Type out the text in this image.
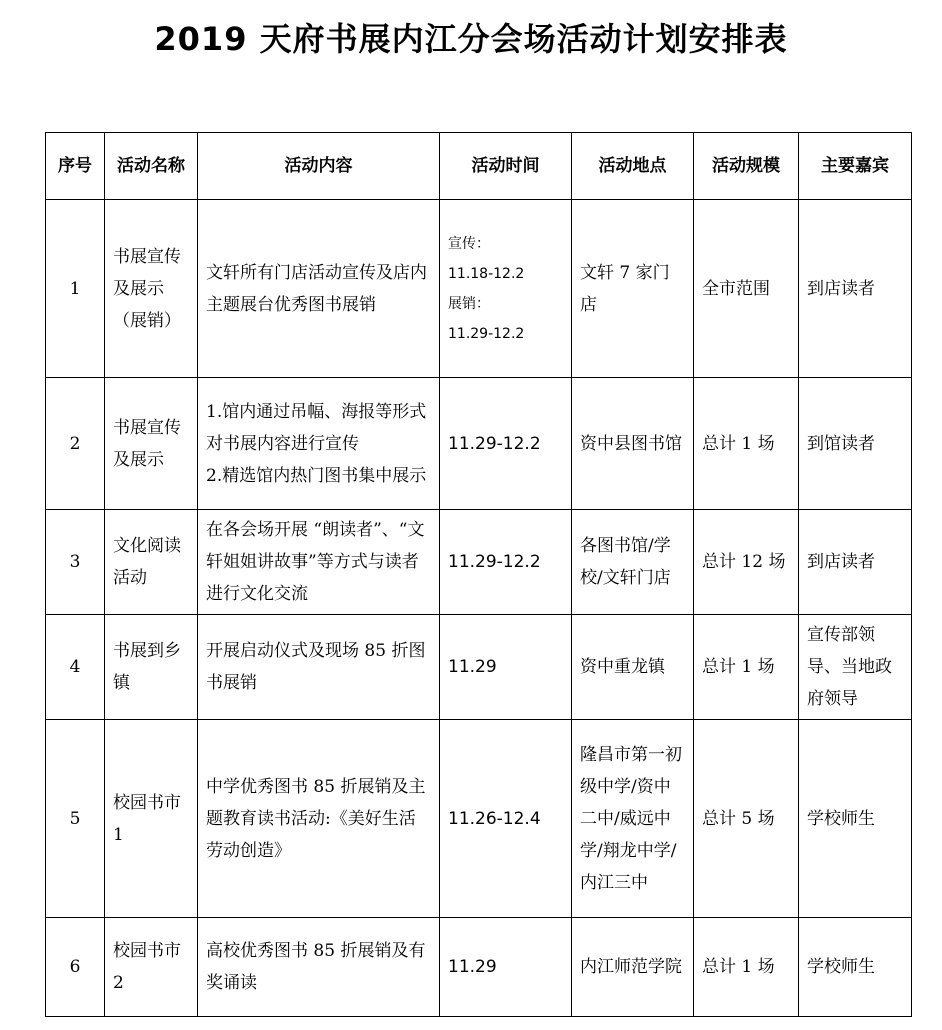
2019 天府书展内江分会场活动计划安排表
序号	活动名称	活动内容	活动时间	活动地点	活动规模	主要嘉宾
1	书展宣传及展示（展销）	文轩所有门店活动宣传及店内主题展台优秀图书展销	宣传：
11.18-12.2
展销：
11.29-12.2	文轩 7 家门店	全市范围	到店读者
2	书展宣传及展示	1.馆内通过吊幅、海报等形式对书展内容进行宣传
2.精选馆内热门图书集中展示	11.29-12.2	资中县图书馆	总计 1 场	到馆读者
3	文化阅读活动	在各会场开展 “朗读者”、“文轩姐姐讲故事”等方式与读者进行文化交流	11.29-12.2	各图书馆/学校/文轩门店	总计 12 场	到店读者
4	书展到乡镇	开展启动仪式及现场 85 折图书展销	11.29	资中重龙镇	总计 1 场	宣传部领导、当地政府领导
5	校园书市 1	中学优秀图书 85 折展销及主题教育读书活动:《美好生活 劳动创造》	11.26-12.4	隆昌市第一初级中学/资中二中/威远中学/翔龙中学/内江三中	总计 5 场	学校师生
6	校园书市 2	高校优秀图书 85 折展销及有奖诵读	11.29	内江师范学院	总计 1 场	学校师生
